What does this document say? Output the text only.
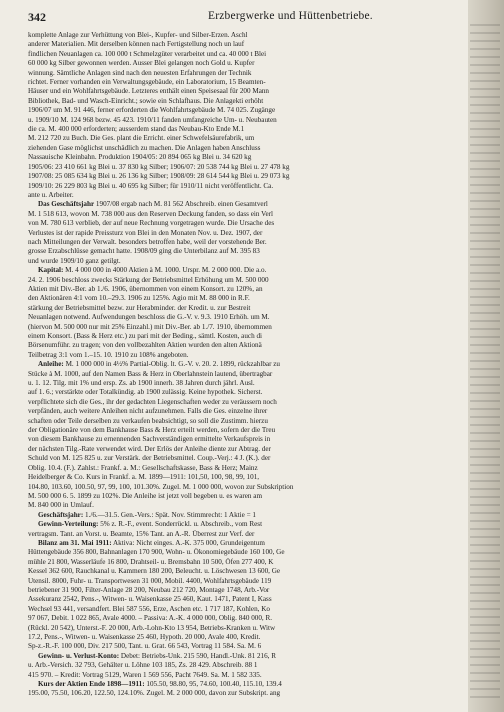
342	Erzbergwerke und Hüttenbetriebe.
komplette Anlage zur Verhüttung von Blei-, Kupfer- und Silber-Erzen. Aschl
anderer Materialien. Mit derselben können nach Fertigstellung noch un lauf
findlichen Neuanlagen ca. 100 000 t Schmelzgüter verarbeitet und ca. 40 000 t Blei
60 000 kg Silber gewonnen werden. Ausser Blei gelangen noch Gold u. Kupfer
winnung. Sämtliche Anlagen sind nach den neuesten Erfahrungen der Technik
richtet. Ferner vorhanden ein Verwaltungsgebäude, ein Laboratorium, 15 Beamten-
Häuser und ein Wohlfahrtsgebäude. Letzteres enthält einen Speisesaal für 200 Mann
Bibliothek, Bad- und Wasch-Einricht.; sowie ein Schlafhaus. Die Anlagekti erhöht
1906/07 um M. 91 446, ferner erforderten die Wohlfahrtsgebäude M. 74 025. Zugänge
u. 1909/10 M. 124 968 bezw. 45 423. 1910/11 fanden umfangreiche Um- u. Neubauten
die ca. M. 400 000 erforderten; ausserdem stand das Neubau-Kto Ende M.1
M. 212 720 zu Buch. Die Ges. plant die Erricht. einer Schwefelsäurefabrik, um
ziehenden Gase möglichst unschädlich zu machen. Die Anlagen haben Anschluss
Nassauische Kleinbahn. Produktion 1904/05: 20 894 065 kg Blei u. 34 620 kg
1905/06: 23 410 661 kg Blei u. 37 830 kg Silber; 1906/07: 20 538 744 kg Blei u. 27 478 kg
1907/08: 25 085 634 kg Blei u. 26 136 kg Silber; 1908/09: 28 614 544 kg Blei u. 29 073 kg
1909/10: 26 229 803 kg Blei u. 40 695 kg Silber; für 1910/11 nicht veröffentlicht. Ca.
ante u. Arbeiter.
Das Geschäftsjahr 1907/08 ergab nach M. 81 562 Abschreib. einen Gesamtverl
M. 1 518 613, wovon M. 738 000 aus den Reserven Deckung fanden, so dass ein Verl
von M. 780 613 verblieb, der auf neue Rechnung vorgetragen wurde. Die Ursache des
Verlustes ist der rapide Preissturz von Blei in den Monaten Nov. u. Dez. 1907, der
nach Mitteilungen der Verwalt. besonders betroffen habe, weil der vorstehende Ber.
grosse Erzabschlüsse gemacht hatte. 1908/09 ging die Unterbilanz auf M. 395 83
und wurde 1909/10 ganz getilgt.
Kapital: M. 4 000 000 in 4000 Aktien à M. 1000. Urspr. M. 2 000 000. Die a.o.
24. 2. 1906 beschloss zwecks Stärkung der Betriebsmittel Erhöhung um M. 500 000
Aktien mit Div.-Ber. ab 1./6. 1906, übernommen von einem Konsort. zu 120%, an
den Aktionären 4:1 vom 10.–29.3. 1906 zu 125%. Agio mit M. 88 000 in R.F.
stärkung der Betriebsmittel bezw. zur Herabminder. der Kredit. u. zur Bestreit
Neuanlagen notwend. Aufwendungen beschloss die G.-V. v. 9.3. 1910 Erhöh. um M.
(hiervon M. 500 000 nur mit 25% Einzahl.) mit Div.-Ber. ab 1./7. 1910, übernommen
einem Konsort. (Bass & Herz etc.) zu pari mit der Beding., sämtl. Kosten, auch di
Börsenumführ. zu tragen; von den vollbezahlten Aktien wurden den alten Aktionä
Teilbetrag 3:1 vom 1.–15. 10. 1910 zu 108% angeboten.
Anleihe: M. 1 000 000 in 4½% Partial-Oblig. lt. G.-V. v. 20. 2. 1899, rückzahlbar zu
Stücke à M. 1000, auf den Namen Bass & Herz in Oberlahnstein lautend, übertragbar
u. 1. 12. Tilg. mit 1% und ersp. Zs. ab 1900 innerh. 38 Jahren durch jährl. Ausl.
auf 1. 6.; verstärkte oder Totalkündig. ab 1900 zulässig. Keine hypothek. Sicherst.
verpflichtete sich die Ges., ihr der gedachten Liegenschaften weder zu veräussern noch
verpfänden, auch weitere Anleihen nicht aufzunehmen. Falls die Ges. einzelne ihrer
schaften oder Teile derselben zu verkaufen beabsichtigt, so soll die Zustimm. hierzu
der Obligationäre von dem Bankhause Bass & Herz erteilt werden, sofern der die Treu
von diesem Bankhause zu ernennenden Sachverständigen ermittelte Verkaufspreis in
der nächsten Tilg.-Rate verwendet wird. Der Erlös der Anleihe diente zur Abtrag. der
Schuld von M. 125 825 u. zur Verstärk. der Betriebsmittel. Coup.-Verj.: 4 J. (K.). der
Oblig. 10.4. (F.). Zahlst.: Frankf. a. M.: Gesellschaftskasse, Bass & Herz; Mainz
Heidelberger & Co. Kurs in Frankf. a. M. 1899—1911: 101,50, 100, 98, 99, 101,
104.80, 103.60, 100.50, 97, 99, 100, 101.30%. Zugel. M. 1 000 000, wovon zur Subskription
M. 500 000 6. 5. 1899 zu 102%. Die Anleihe ist jetzt voll begeben u. es waren am
M. 840 000 in Umlauf.
Geschäftsjahr: 1./6.—31.5. Gen.-Vers.: Spät. Nov. Stimmrecht: 1 Aktie = 1
Gewinn-Verteilung: 5% z. R.-F., event. Sonderrückl. u. Abschreib., vom Rest
vertragsm. Tant. an Vorst. u. Beamte, 15% Tant. an A.-R. Überrest zur Verf. der
Bilanz am 31. Mai 1911: Aktiva: Nicht einges. A.-K. 375 000, Grundeigentum
Hüttengebäude 356 800, Bahnanlagen 170 900, Wohn- u. Ökonomiegebäude 160 100, Ge
mühle 21 800, Wasserläufe 16 800, Drahtseil- u. Bremsbahn 10 500, Öfen 277 400, K
Kessel 362 600, Rauchkanal u. Kammern 180 200, Beleucht. u. Löschwesen 13 600, Ge
Utensil. 8000, Fuhr- u. Transportwesen 31 000, Mobil. 4400, Wohlfahrtsgebäude 119
betriebener 31 900, Filter-Anlage 28 200, Neubau 212 720, Montage 1748, Arb.-Vor
Assekuranz 2542, Pens.-, Witwen- u. Waisenkasse 25 460, Kaut. 1471, Patent I, Kass
Wechsel 93 441, versandfert. Blei 587 556, Erze, Aschen etc. 1 717 187, Kohlen, Ko
97 067, Debit. 1 022 865, Avale 4000. – Passiva: A.-K. 4 000 000, Oblig. 840 000, R.
(Rückl. 20 542), Unterst.-F. 20 000, Arb.-Lohn-Kto 13 954, Betriebs-Kranken u. Witw
17.2, Pens.-, Witwen- u. Waisenkasse 25 460, Hypoth. 20 000, Avale 400, Kredit.
Sp-z.-R.-F. 100 000, Div. 217 500, Tant. u. Grat. 66 543, Vortrag 11 584. Sa. M. 6
Gewinn- u. Verlust-Konto: Debet: Betriebs-Unk. 215 590, Handl.-Unk. 81 216, R
u. Arb.-Versich. 32 793, Gehälter u. Löhne 103 185, Zs. 28 429. Abschreib. 88 1
415 970. – Kredit: Vortrag 5129, Waren 1 569 556, Pacht 7649. Sa. M. 1 582 335.
Kurs der Aktien Ende 1898—1911: 105.50, 98.80, 95, 74.60, 100.40, 115.10, 139.4
195.00, 75.50, 106.20, 122.50, 124.10%. Zugel. M. 2 000 000, davon zur Subskript. ang
